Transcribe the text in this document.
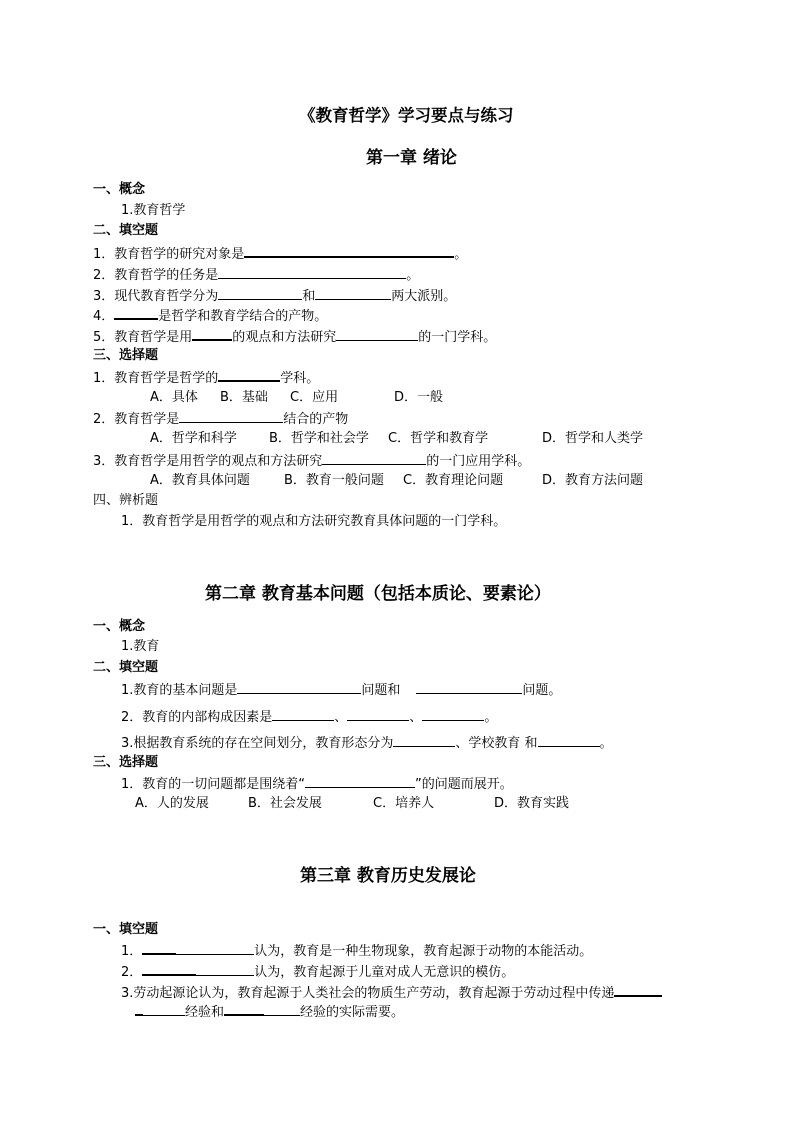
《教育哲学》学习要点与练习
第一章 绪论
一、概念
1.教育哲学
二、填空题
1．教育哲学的研究对象是	。
2．教育哲学的任务是	。
3．现代教育哲学分为	和	两大派别。
4．	是哲学和教育学结合的产物。
5．教育哲学是用	的观点和方法研究	的一门学科。
三、选择题
1．教育哲学是哲学的	学科。
A．具体 B．基础 C．应用	D．一般
2．教育哲学是	结合的产物
A．哲学和科学 B．哲学和社会学 C．哲学和教育学	D．哲学和人类学
3．教育哲学是用哲学的观点和方法研究	的一门应用学科。
A．教育具体问题	B．教育一般问题 C．教育理论问题	D．教育方法问题
四、辨析题
1．教育哲学是用哲学的观点和方法研究教育具体问题的一门学科。
第二章 教育基本问题（包括本质论、要素论）
一、概念
1.教育
二、填空题
1.教育的基本问题是	问题和	问题。
2．教育的内部构成因素是	、	、	。
3.根据教育系统的存在空间划分，教育形态分为	、学校教育 和	。
三、选择题
1．教育的一切问题都是围绕着“	”的问题而展开。
A．人的发展	B．社会发展	C．培养人	D．教育实践
第三章 教育历史发展论
一、填空题
1．	认为，教育是一种生物现象，教育起源于动物的本能活动。
2．	认为，教育起源于儿童对成人无意识的模仿。
3.劳动起源论认为，教育起源于人类社会的物质生产劳动，教育起源于劳动过程中传递
经验和	经验的实际需要。
